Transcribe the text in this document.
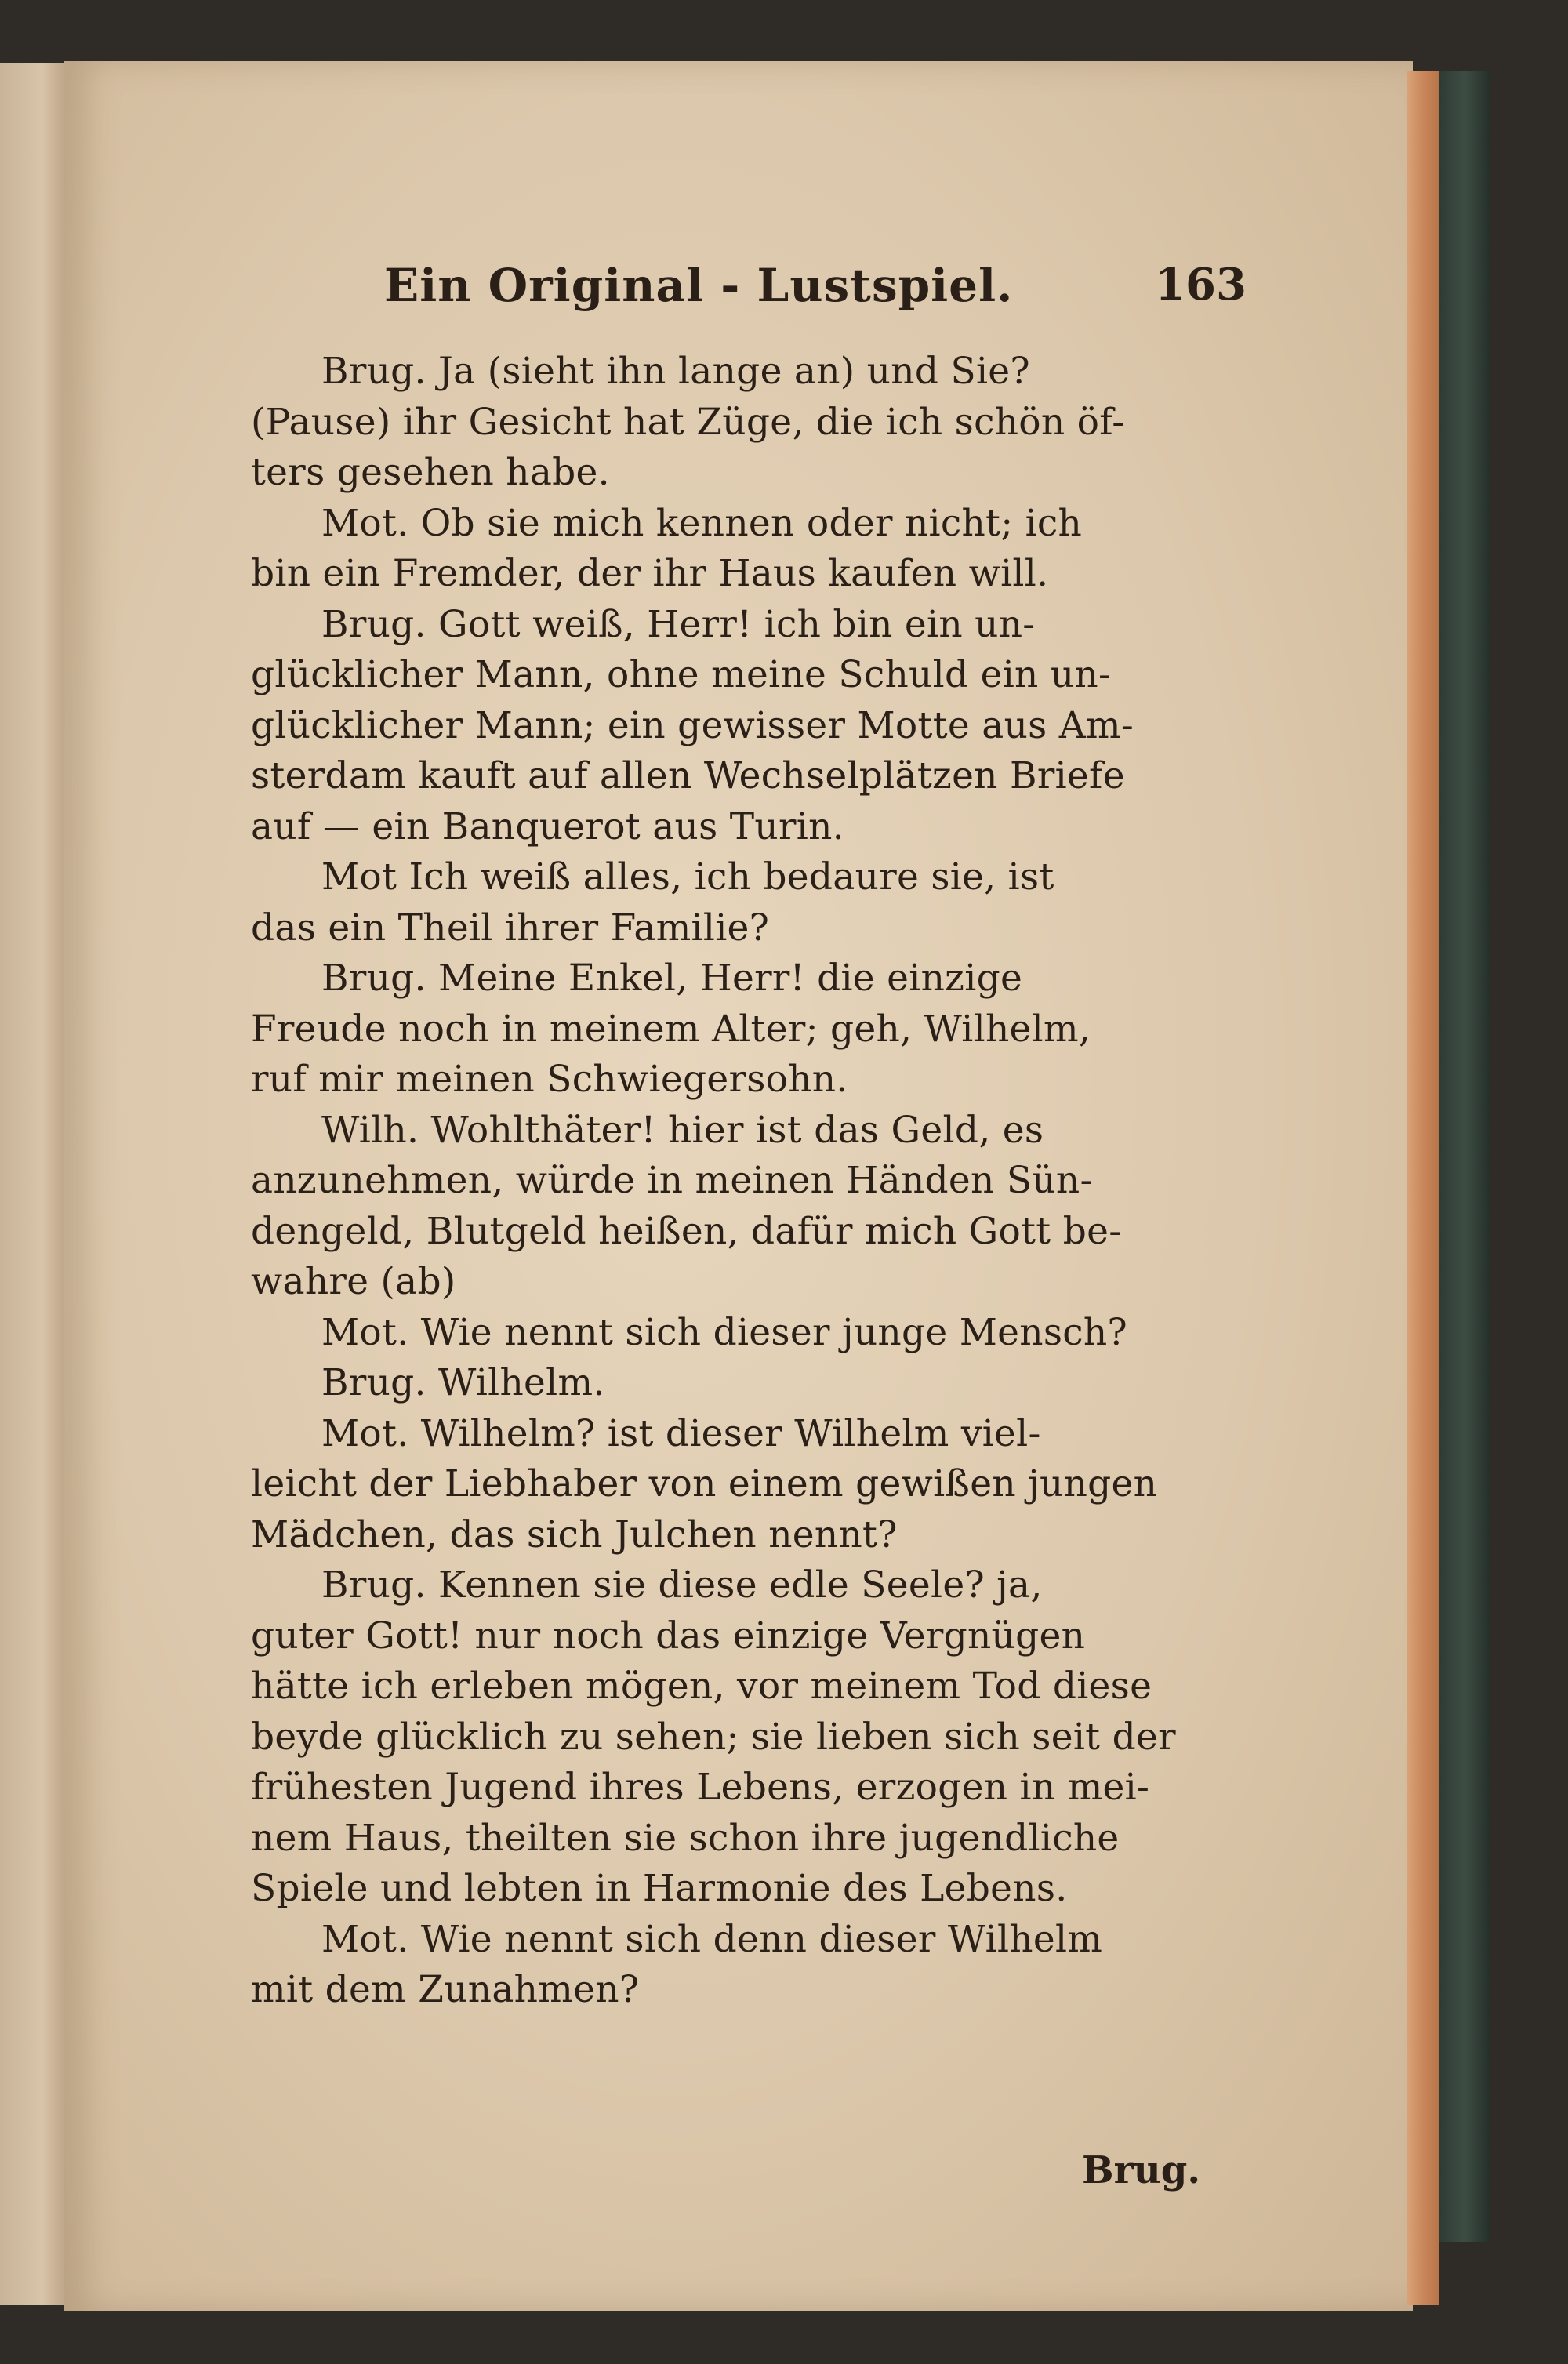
Ein Original - Lustspiel.	163
Brug. Ja (sieht ihn lange an) und Sie?
(Pause) ihr Gesicht hat Züge, die ich schön öf-
ters gesehen habe.
Mot. Ob sie mich kennen oder nicht; ich
bin ein Fremder, der ihr Haus kaufen will.
Brug. Gott weiß, Herr! ich bin ein un-
glücklicher Mann, ohne meine Schuld ein un-
glücklicher Mann; ein gewisser Motte aus Am-
sterdam kauft auf allen Wechselplätzen Briefe
auf — ein Banquerot aus Turin.
Mot Ich weiß alles, ich bedaure sie, ist
das ein Theil ihrer Familie?
Brug. Meine Enkel, Herr! die einzige
Freude noch in meinem Alter; geh, Wilhelm,
ruf mir meinen Schwiegersohn.
Wilh. Wohlthäter! hier ist das Geld, es
anzunehmen, würde in meinen Händen Sün-
dengeld, Blutgeld heißen, dafür mich Gott be-
wahre (ab)
Mot. Wie nennt sich dieser junge Mensch?
Brug. Wilhelm.
Mot. Wilhelm? ist dieser Wilhelm viel-
leicht der Liebhaber von einem gewißen jungen
Mädchen, das sich Julchen nennt?
Brug. Kennen sie diese edle Seele? ja,
guter Gott! nur noch das einzige Vergnügen
hätte ich erleben mögen, vor meinem Tod diese
beyde glücklich zu sehen; sie lieben sich seit der
frühesten Jugend ihres Lebens, erzogen in mei-
nem Haus, theilten sie schon ihre jugendliche
Spiele und lebten in Harmonie des Lebens.
Mot. Wie nennt sich denn dieser Wilhelm
mit dem Zunahmen?
Brug.
